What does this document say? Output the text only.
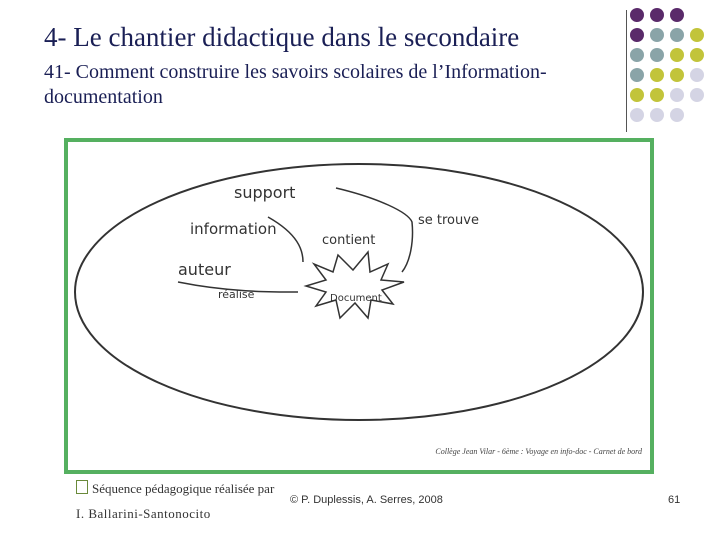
4- Le chantier didactique dans le secondaire
41- Comment construire les savoirs scolaires de l’Information-documentation
support
information
contient
se trouve
auteur
réalise	Document
Collège Jean Vilar - 6ème : Voyage en info-doc - Carnet de bord
Séquence pédagogique réalisée par
I. Ballarini-Santonocito
© P. Duplessis, A. Serres, 2008	61
